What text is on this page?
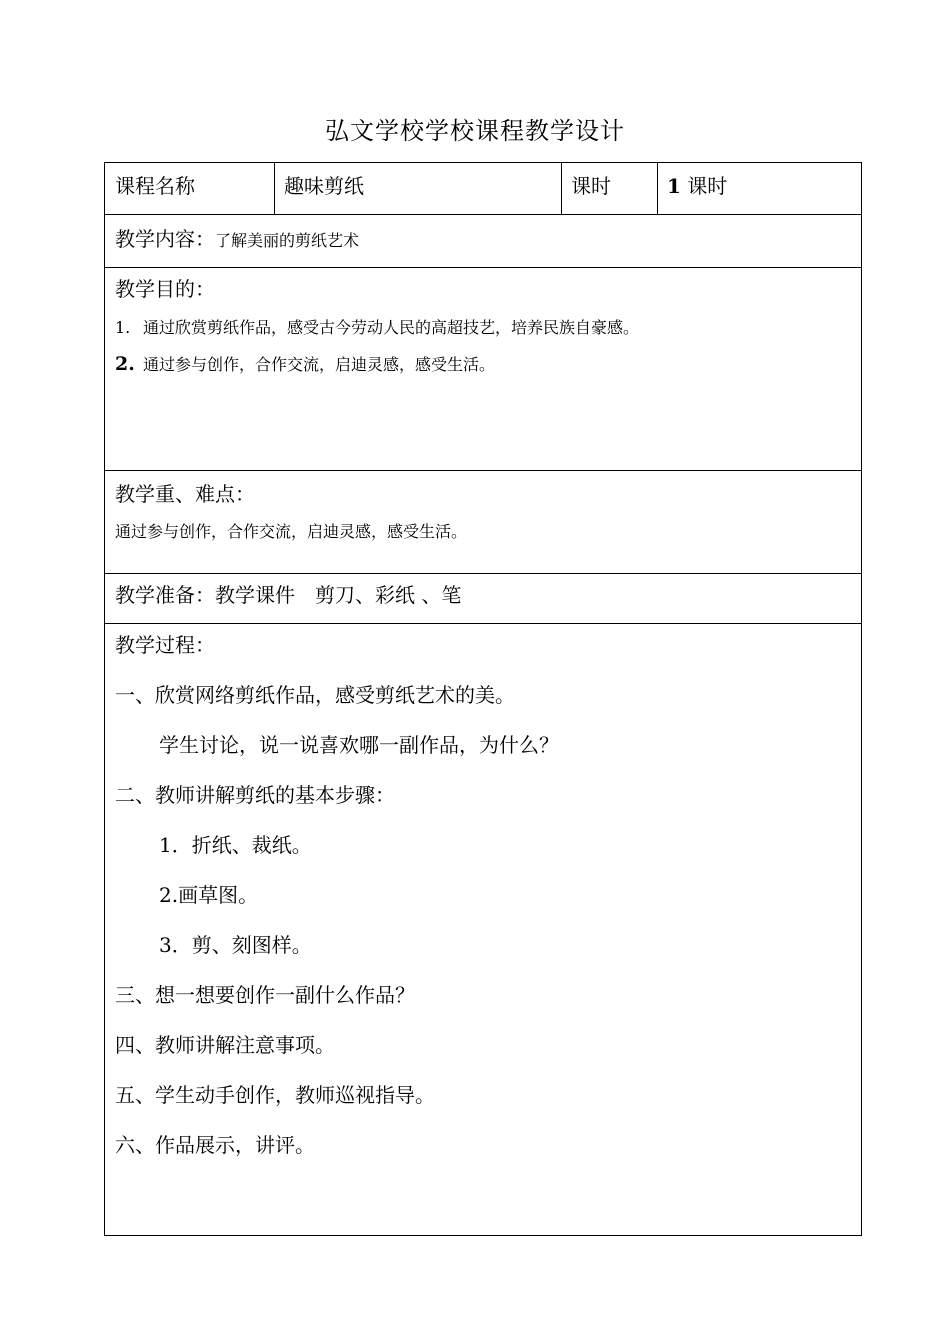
弘文学校学校课程教学设计
课程名称	趣味剪纸	课时	1 课时
教学内容：了解美丽的剪纸艺术
教学目的：
1. 通过欣赏剪纸作品，感受古今劳动人民的高超技艺，培养民族自豪感。
2. 通过参与创作，合作交流，启迪灵感，感受生活。
教学重、难点：
通过参与创作，合作交流，启迪灵感，感受生活。
教学准备：教学课件　剪刀、彩纸 、笔
教学过程：
一、欣赏网络剪纸作品，感受剪纸艺术的美。
学生讨论，说一说喜欢哪一副作品，为什么？
二、教师讲解剪纸的基本步骤：
1．折纸、裁纸。
2.画草图。
3．剪、刻图样。
三、想一想要创作一副什么作品？
四、教师讲解注意事项。
五、学生动手创作，教师巡视指导。
六、作品展示，讲评。
